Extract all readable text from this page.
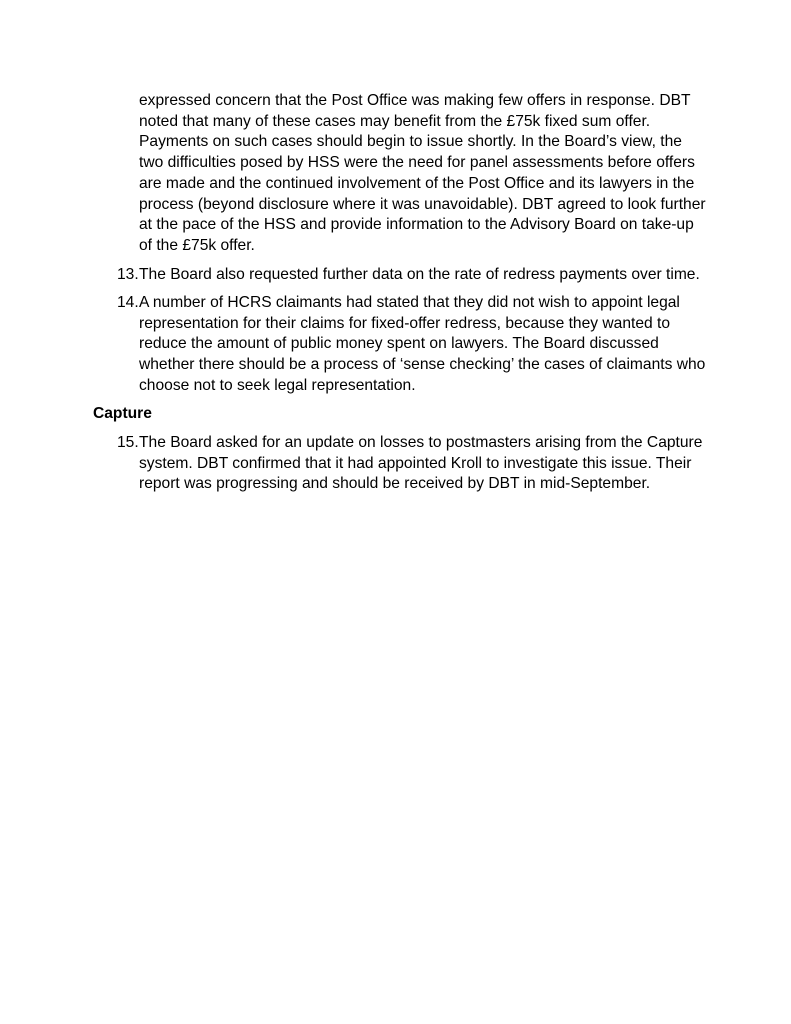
expressed concern that the Post Office was making few offers in response. DBT noted that many of these cases may benefit from the £75k fixed sum offer. Payments on such cases should begin to issue shortly. In the Board’s view, the two difficulties posed by HSS were the need for panel assessments before offers are made and the continued involvement of the Post Office and its lawyers in the process (beyond disclosure where it was unavoidable). DBT agreed to look further at the pace of the HSS and provide information to the Advisory Board on take-up of the £75k offer.

13. The Board also requested further data on the rate of redress payments over time.
14. A number of HCRS claimants had stated that they did not wish to appoint legal representation for their claims for fixed-offer redress, because they wanted to reduce the amount of public money spent on lawyers. The Board discussed whether there should be a process of ‘sense checking’ the cases of claimants who choose not to seek legal representation.
Capture
15. The Board asked for an update on losses to postmasters arising from the Capture system. DBT confirmed that it had appointed Kroll to investigate this issue. Their report was progressing and should be received by DBT in mid-September.
